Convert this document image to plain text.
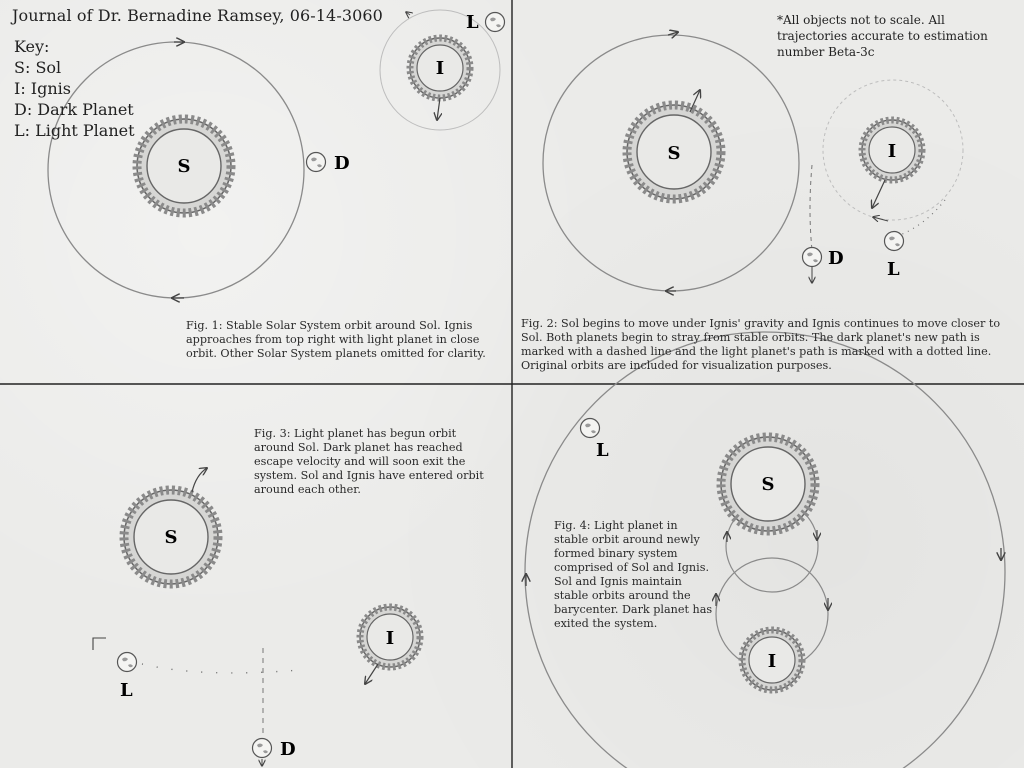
S	D
I
L
S	I
D
L
S
I
L
D
S
I
L
Journal of Dr. Bernadine Ramsey, 06-14-3060
Key:
S: Sol
I: Ignis
D: Dark Planet
L: Light Planet
*All objects not to scale. All trajectories accurate to estimation number Beta-3c
Fig. 1: Stable Solar System orbit around Sol. Ignis approaches from top right with light planet in close orbit. Other Solar System planets omitted for clarity.
Fig. 2: Sol begins to move under Ignis' gravity and Ignis continues to move closer to Sol. Both planets begin to stray from stable orbits. The dark planet's new path is marked with a dashed line and the light planet's path is marked with a dotted line. Original orbits are included for visualization purposes.
Fig. 3: Light planet has begun orbit around Sol. Dark planet has reached escape velocity and will soon exit the system. Sol and Ignis have entered orbit around each other.
Fig. 4: Light planet in stable orbit around newly formed binary system comprised of Sol and Ignis. Sol and Ignis maintain stable orbits around the barycenter. Dark planet has exited the system.
